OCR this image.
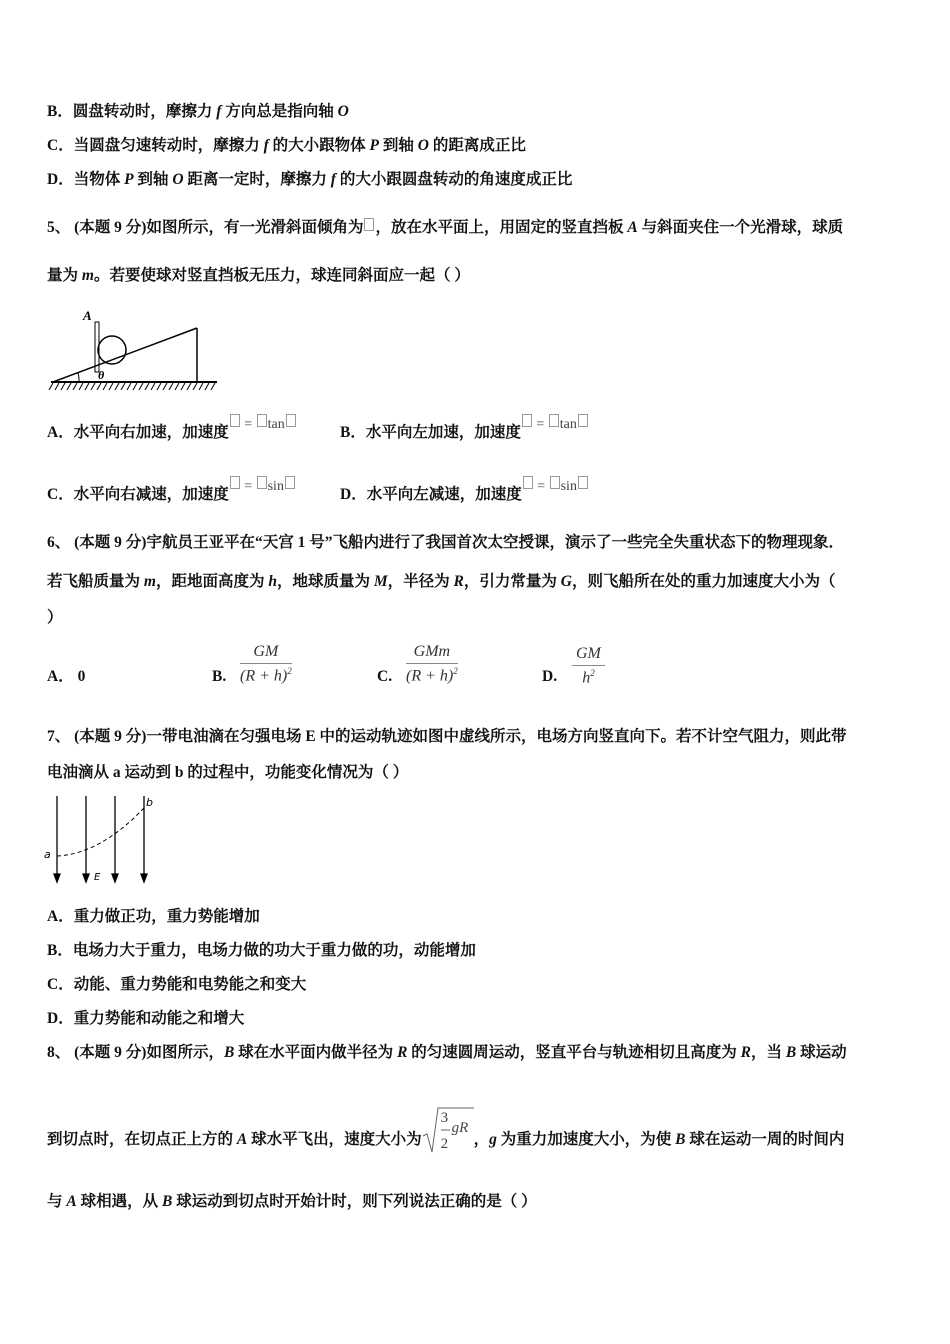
B．圆盘转动时，摩擦力 f 方向总是指向轴 O
C．当圆盘匀速转动时，摩擦力 f 的大小跟物体 P 到轴 O 的距离成正比
D．当物体 P 到轴 O 距离一定时，摩擦力 f 的大小跟圆盘转动的角速度成正比
5、 (本题 9 分)如图所示，有一光滑斜面倾角为 ，放在水平面上，用固定的竖直挡板 A 与斜面夹住一个光滑球，球质
量为 m。若要使球对竖直挡板无压力，球连同斜面应一起（ ）
若飞船质量为 m，距地面高度为 h，地球质量为 M，半径为 R，引力常量为 G，则飞船所在处的重力加速度大小为（
6、 (本题 9 分)宇航员王亚平在“天宫 1 号”飞船内进行了我国首次太空授课，演示了一些完全失重状态下的物理现象．
）
7、 (本题 9 分)一带电油滴在匀强电场 E 中的运动轨迹如图中虚线所示，电场方向竖直向下。若不计空气阻力，则此带
电油滴从 a 运动到 b 的过程中，功能变化情况为（ ）
A．重力做正功，重力势能增加
B．电场力大于重力，电场力做的功大于重力做的功，动能增加
C．动能、重力势能和电势能之和变大
D．重力势能和动能之和增大
8、 (本题 9 分)如图所示，B 球在水平面内做半径为 R 的匀速圆周运动，竖直平台与轨迹相切且高度为 R，当 B 球运动
与 A 球相遇，从 B 球运动到切点时开始计时，则下列说法正确的是（ ）
A
θ
A．水平向右加速，加速度 = tan	B．水平向左加速，加速度 = tan
C．水平向右减速，加速度 = sin	D．水平向左减速，加速度 = sin
A． 0	B. $\frac{GM}{(R + h)^2}$	C.
GMm
$(R + h)^2$	D. $\frac{GM}{h^2}$
a
b
E
到切点时，在切点正上方的 A 球水平飞出，速度大小为
3
2
gR
，g 为重力加速度大小，为使 B 球在运动一周的时间内
